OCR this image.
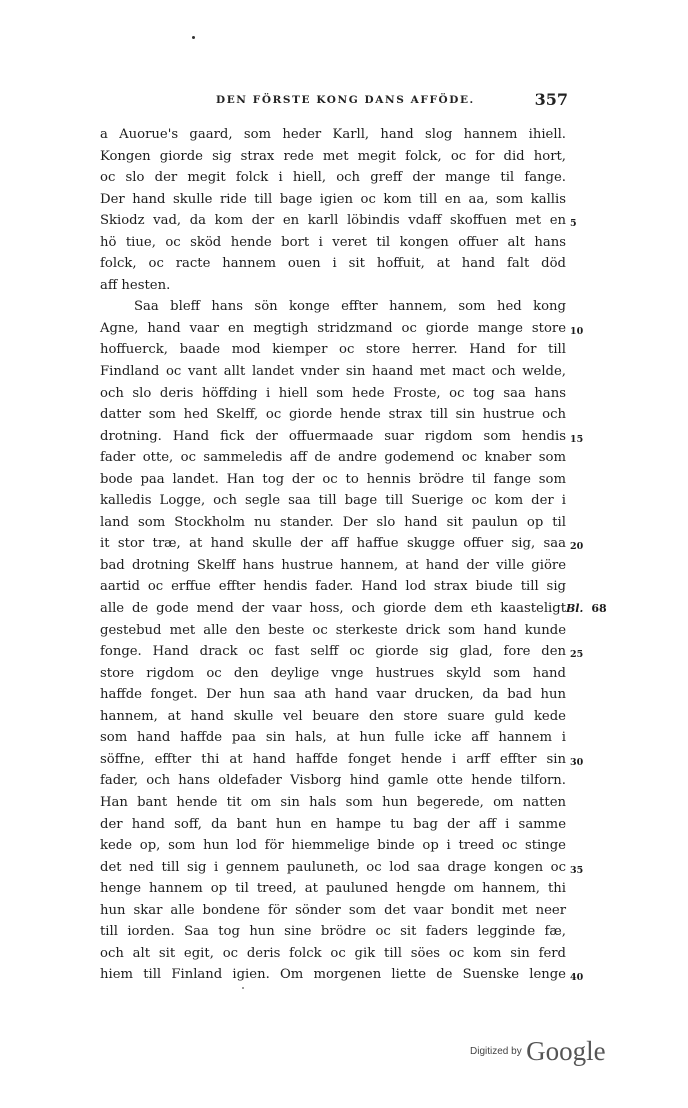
DEN FÖRSTE KONG DANS AFFÖDE.	357
a Auorue's gaard, som heder Karll, hand slog hannem ihiell.
Kongen giorde sig strax rede met megit folck, oc for did hort,
oc slo der megit folck i hiell, och greff der mange til fange.
Der hand skulle ride till bage igien oc kom till en aa, som kallis
Skiodz vad, da kom der en karll löbindis vdaff skoffuen met en 5
hö tiue, oc sköd hende bort i veret til kongen offuer alt hans
folck, oc racte hannem ouen i sit hoffuit, at hand falt död
aff hesten.
Saa bleff hans sön konge effter hannem, som hed kong
Agne, hand vaar en megtigh stridzmand oc giorde mange store 10
hoffuerck, baade mod kiemper oc store herrer. Hand for till
Findland oc vant allt landet vnder sin haand met mact och welde,
och slo deris höffding i hiell som hede Froste, oc tog saa hans
datter som hed Skelff, oc giorde hende strax till sin hustrue och
drotning. Hand fick der offuermaade suar rigdom som hendis 15
fader otte, oc sammeledis aff de andre godemend oc knaber som
bode paa landet. Han tog der oc to hennis brödre til fange som
kalledis Logge, och segle saa till bage till Suerige oc kom der i
land som Stockholm nu stander. Der slo hand sit paulun op til
it stor træ, at hand skulle der aff haffue skugge offuer sig, saa 20
bad drotning Skelff hans hustrue hannem, at hand der ville giöre
aartid oc erffue effter hendis fader. Hand lod strax biude till sig
alle de gode mend der vaar hoss, och giorde dem eth kaasteligt Bl. 68
gestebud met alle den beste oc sterkeste drick som hand kunde
fonge. Hand drack oc fast selff oc giorde sig glad, fore den 25
store rigdom oc den deylige vnge hustrues skyld som hand
haffde fonget. Der hun saa ath hand vaar drucken, da bad hun
hannem, at hand skulle vel beuare den store suare guld kede
som hand haffde paa sin hals, at hun fulle icke aff hannem i
söffne, effter thi at hand haffde fonget hende i arff effter sin 30
fader, och hans oldefader Visborg hind gamle otte hende tilforn.
Han bant hende tit om sin hals som hun begerede, om natten
der hand soff, da bant hun en hampe tu bag der aff i samme
kede op, som hun lod för hiemmelige binde op i treed oc stinge
det ned till sig i gennem pauluneth, oc lod saa drage kongen oc 35
henge hannem op til treed, at pauluned hengde om hannem, thi
hun skar alle bondene för sönder som det vaar bondit met neer
till iorden. Saa tog hun sine brödre oc sit faders legginde fæ,
och alt sit egit, oc deris folck oc gik till söes oc kom sin ferd
hiem till Finland igien. Om morgenen liette de Suenske lenge 40
Digitized by Google
